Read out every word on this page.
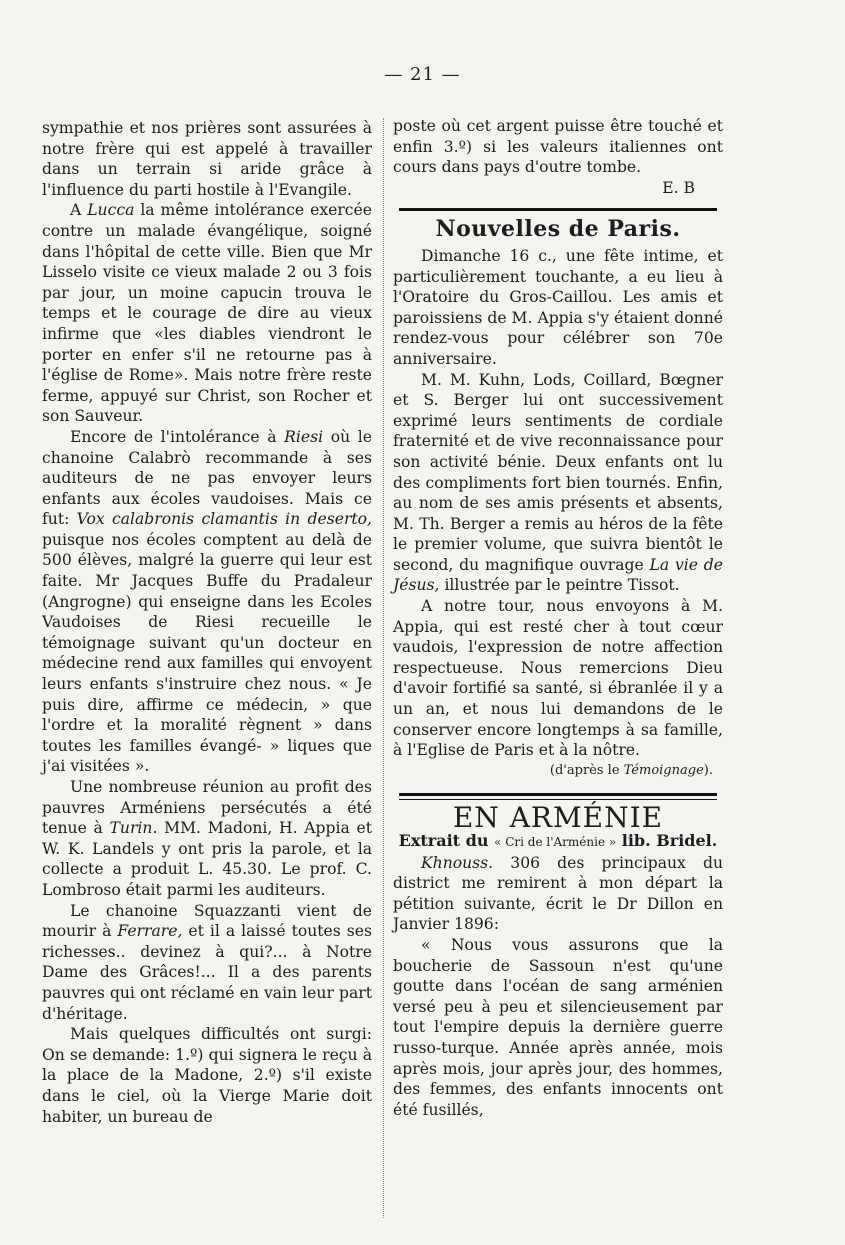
— 21 —

sympathie et nos prières sont assurées à notre frère qui est appelé à travailler dans un terrain si aride grâce à l'influence du parti hostile à l'Evangile.

A Lucca la même intolérance exercée contre un malade évangélique, soigné dans l'hôpital de cette ville. Bien que Mr Lisselo visite ce vieux malade 2 ou 3 fois par jour, un moine capucin trouva le temps et le courage de dire au vieux infirme que «les diables viendront le porter en enfer s'il ne retourne pas à l'église de Rome». Mais notre frère reste ferme, appuyé sur Christ, son Rocher et son Sauveur.

Encore de l'intolérance à Riesi où le chanoine Calabrò recommande à ses auditeurs de ne pas envoyer leurs enfants aux écoles vaudoises. Mais ce fut: Vox calabronis clamantis in deserto, puisque nos écoles comptent au delà de 500 élèves, malgré la guerre qui leur est faite. Mr Jacques Buffe du Pradaleur (Angrogne) qui enseigne dans les Ecoles Vaudoises de Riesi recueille le témoignage suivant qu'un docteur en médecine rend aux familles qui envoyent leurs enfants s'instruire chez nous. « Je puis dire, affirme ce médecin, » que l'ordre et la moralité règnent » dans toutes les familles évangé- » liques que j'ai visitées ».

Une nombreuse réunion au profit des pauvres Arméniens persécutés a été tenue à Turin. MM. Madoni, H. Appia et W. K. Landels y ont pris la parole, et la collecte a produit L. 45.30. Le prof. C. Lombroso était parmi les auditeurs.

Le chanoine Squazzanti vient de mourir à Ferrare, et il a laissé toutes ses richesses.. devinez à qui?... à Notre Dame des Grâces!... Il a des parents pauvres qui ont réclamé en vain leur part d'héritage.

Mais quelques difficultés ont surgi: On se demande: 1.º) qui signera le reçu à la place de la Madone, 2.º) s'il existe dans le ciel, où la Vierge Marie doit habiter, un bureau de

poste où cet argent puisse être touché et enfin 3.º) si les valeurs italiennes ont cours dans pays d'outre tombe.

E. B

Nouvelles de Paris.

Dimanche 16 c., une fête intime, et particulièrement touchante, a eu lieu à l'Oratoire du Gros-Caillou. Les amis et paroissiens de M. Appia s'y étaient donné rendez-vous pour célébrer son 70e anniversaire.

M. M. Kuhn, Lods, Coillard, Bœgner et S. Berger lui ont successivement exprimé leurs sentiments de cordiale fraternité et de vive reconnaissance pour son activité bénie. Deux enfants ont lu des compliments fort bien tournés. Enfin, au nom de ses amis présents et absents, M. Th. Berger a remis au héros de la fête le premier volume, que suivra bientôt le second, du magnifique ouvrage La vie de Jésus, illustrée par le peintre Tissot.

A notre tour, nous envoyons à M. Appia, qui est resté cher à tout cœur vaudois, l'expression de notre affection respectueuse. Nous remercions Dieu d'avoir fortifié sa santé, si ébranlée il y a un an, et nous lui demandons de le conserver encore longtemps à sa famille, à l'Eglise de Paris et à la nôtre.

(d'après le Témoignage).

EN ARMÉNIE

Extrait du « Cri de l'Arménie » lib. Bridel.

Khnouss. 306 des principaux du district me remirent à mon départ la pétition suivante, écrit le Dr Dillon en Janvier 1896:

« Nous vous assurons que la boucherie de Sassoun n'est qu'une goutte dans l'océan de sang arménien versé peu à peu et silencieusement par tout l'empire depuis la dernière guerre russo-turque. Année après année, mois après mois, jour après jour, des hommes, des femmes, des enfants innocents ont été fusillés,
